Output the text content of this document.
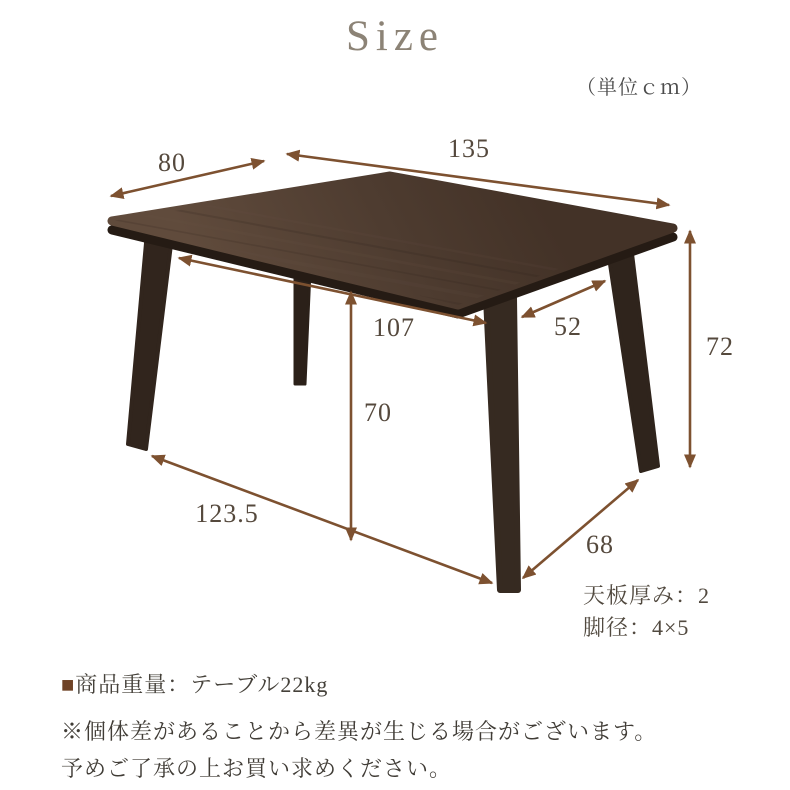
Size
（単位ｃｍ）
80	135
107	52
72
70
123.5
68
天板厚み：2
脚径：4×5
■商品重量：テーブル22kg
※個体差があることから差異が生じる場合がございます。
予めご了承の上お買い求めください。
